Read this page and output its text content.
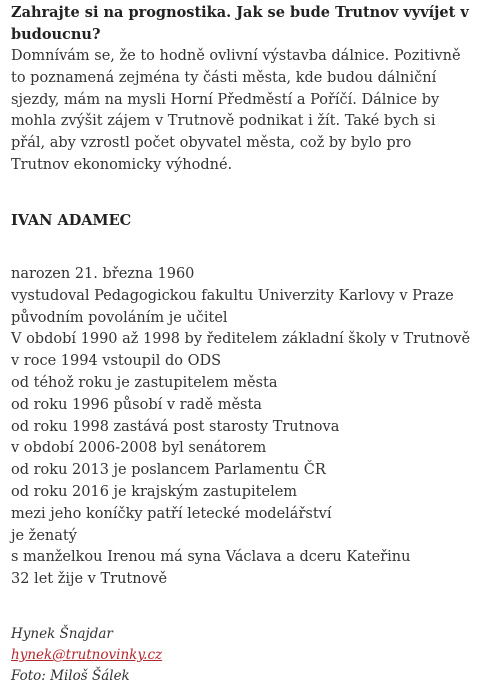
Zahrajte si na prognostika. Jak se bude Trutnov vyvíjet v budoucnu?

Domnívám se, že to hodně ovlivní výstavba dálnice. Pozitivně to poznamená zejména ty části města, kde budou dálniční sjezdy, mám na mysli Horní Předměstí a Poříčí. Dálnice by mohla zvýšit zájem v Trutnově podnikat i žít. Také bych si přál, aby vzrostl počet obyvatel města, což by bylo pro Trutnov ekonomicky výhodné.

IVAN ADAMEC
narozen 21. března 1960
vystudoval Pedagogickou fakultu Univerzity Karlovy v Praze
původním povoláním je učitel
V období 1990 až 1998 by ředitelem základní školy v Trutnově
v roce 1994 vstoupil do ODS
od téhož roku je zastupitelem města
od roku 1996 působí v radě města
od roku 1998 zastává post starosty Trutnova
v období 2006-2008 byl senátorem
od roku 2013 je poslancem Parlamentu ČR
od roku 2016 je krajským zastupitelem
mezi jeho koníčky patří letecké modelářství
je ženatý
s manželkou Irenou má syna Václava a dceru Kateřinu
32 let žije v Trutnově
Hynek Šnajdar
hynek@trutnovinky.cz
Foto: Miloš Šálek
